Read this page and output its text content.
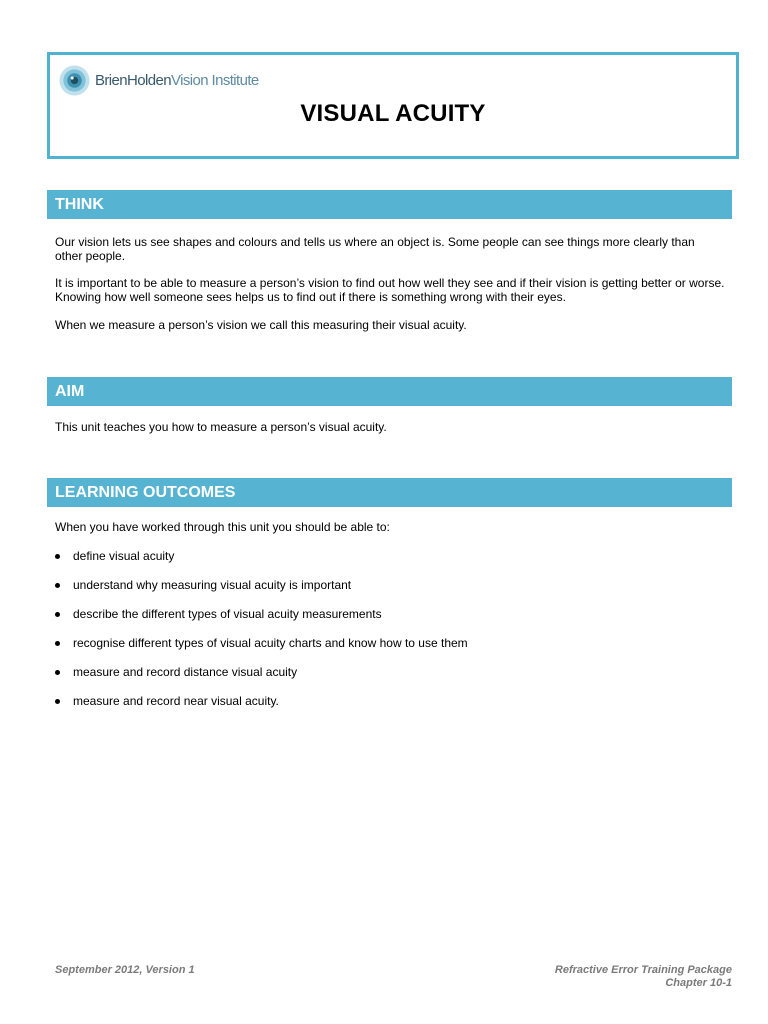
BrienHoldenVision Institute
VISUAL ACUITY
THINK

Our vision lets us see shapes and colours and tells us where an object is. Some people can see things more clearly than other people.

It is important to be able to measure a person’s vision to find out how well they see and if their vision is getting better or worse. Knowing how well someone sees helps us to find out if there is something wrong with their eyes.

When we measure a person’s vision we call this measuring their visual acuity.

AIM

This unit teaches you how to measure a person’s visual acuity.

LEARNING OUTCOMES

When you have worked through this unit you should be able to:

define visual acuity
understand why measuring visual acuity is important
describe the different types of visual acuity measurements
recognise different types of visual acuity charts and know how to use them
measure and record distance visual acuity
measure and record near visual acuity.
September 2012, Version 1	Refractive Error Training Package
Chapter 10-1
